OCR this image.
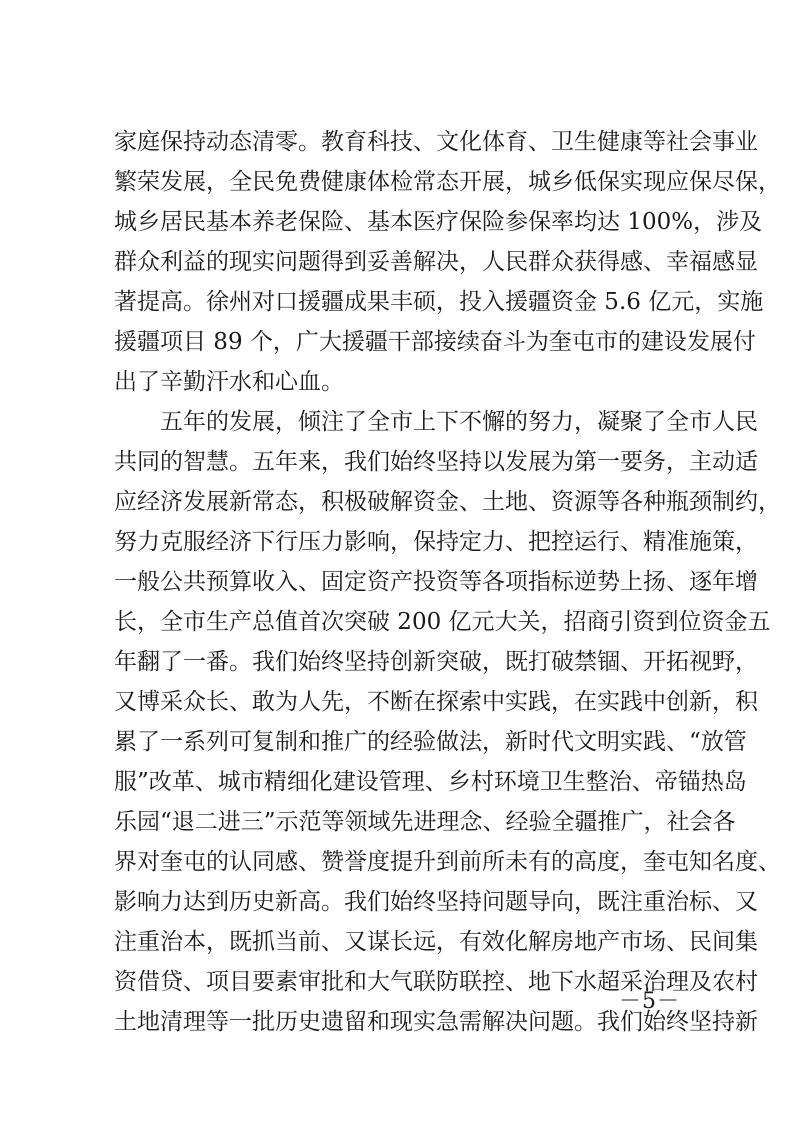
家庭保持动态清零。教育科技、文化体育、卫生健康等社会事业
繁荣发展，全民免费健康体检常态开展，城乡低保实现应保尽保，
城乡居民基本养老保险、基本医疗保险参保率均达 100%，涉及
群众利益的现实问题得到妥善解决，人民群众获得感、幸福感显
著提高。徐州对口援疆成果丰硕，投入援疆资金 5.6 亿元，实施
援疆项目 89 个，广大援疆干部接续奋斗为奎屯市的建设发展付
出了辛勤汗水和心血。
五年的发展，倾注了全市上下不懈的努力，凝聚了全市人民
共同的智慧。五年来，我们始终坚持以发展为第一要务，主动适
应经济发展新常态，积极破解资金、土地、资源等各种瓶颈制约，
努力克服经济下行压力影响，保持定力、把控运行、精准施策，
一般公共预算收入、固定资产投资等各项指标逆势上扬、逐年增
长，全市生产总值首次突破 200 亿元大关，招商引资到位资金五
年翻了一番。我们始终坚持创新突破，既打破禁锢、开拓视野，
又博采众长、敢为人先，不断在探索中实践，在实践中创新，积
累了一系列可复制和推广的经验做法，新时代文明实践、“放管
服”改革、城市精细化建设管理、乡村环境卫生整治、帝锚热岛
乐园“退二进三”示范等领域先进理念、经验全疆推广，社会各
界对奎屯的认同感、赞誉度提升到前所未有的高度，奎屯知名度、
影响力达到历史新高。我们始终坚持问题导向，既注重治标、又
注重治本，既抓当前、又谋长远，有效化解房地产市场、民间集
资借贷、项目要素审批和大气联防联控、地下水超采治理及农村
土地清理等一批历史遗留和现实急需解决问题。我们始终坚持新
－5－
